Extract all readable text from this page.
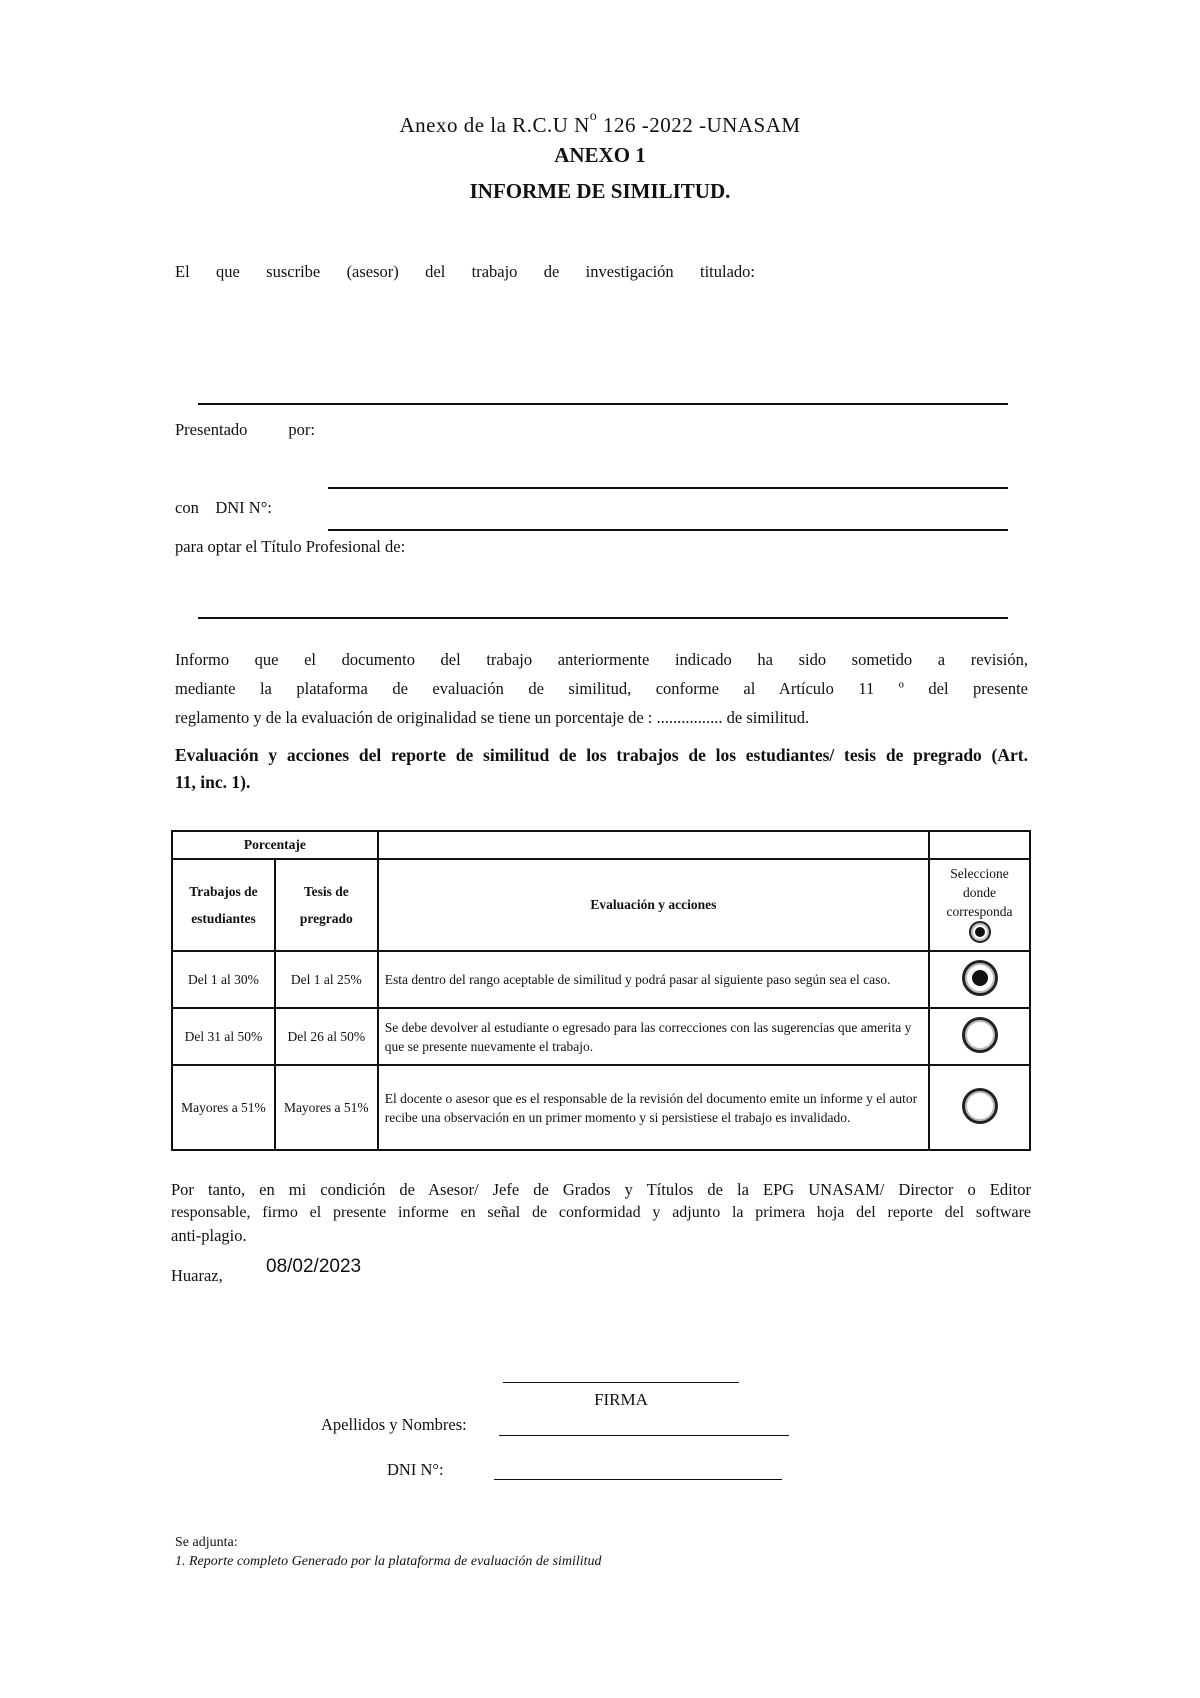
Anexo de la R.C.U $N^o$ 126 -2022 -UNASAM
ANEXO 1
INFORME DE SIMILITUD.
El que suscribe (asesor) del trabajo de investigación titulado:
Presentado por:
con    DNI N°:
para optar el Título Profesional de:
Informo que el documento del trabajo anteriormente indicado ha sido sometido a revisión,
mediante la plataforma de evaluación de similitud, conforme al Artículo 11 º del presente
reglamento y de la evaluación de originalidad se tiene un porcentaje de : ................ de similitud.
Evaluación y acciones del reporte de similitud de los trabajos de los estudiantes/ tesis de pregrado (Art.
11, inc. 1).
Porcentaje			
Trabajos de estudiantes	Tesis de pregrado	Evaluación y acciones	Seleccione donde corresponda

Del 1 al 30%	Del 1 al 25%	Esta dentro del rango aceptable de similitud y podrá pasar al siguiente paso según sea el caso.	
Del 31 al 50%	Del 26 al 50%	Se debe devolver al estudiante o egresado para las correcciones con las sugerencias que amerita y que se presente nuevamente el trabajo.	
Mayores a 51%	Mayores a 51%	El docente o asesor que es el responsable de la revisión del documento emite un informe y el autor recibe una observación en un primer momento y si persistiese el trabajo es invalidado.	
Por tanto, en mi condición de Asesor/ Jefe de Grados y Títulos de la EPG UNASAM/ Director o Editor
responsable, firmo el presente informe en señal de conformidad y adjunto la primera hoja del reporte del software
anti-plagio.
Huaraz, 08/02/2023
FIRMA
Apellidos y Nombres:
DNI N°:
Se adjunta:
1. Reporte completo Generado por la plataforma de evaluación de similitud
